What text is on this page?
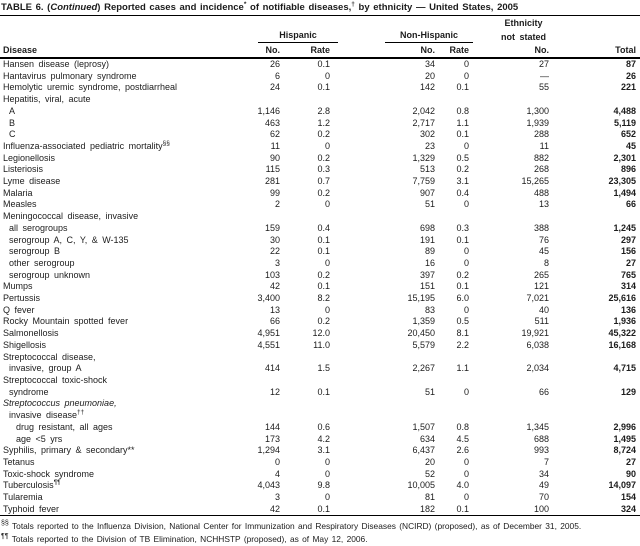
TABLE 6. (Continued) Reported cases and incidence* of notifiable diseases,† by ethnicity — United States, 2005
					Ethnicity	

	Hispanic		Non-Hispanic		not stated	
Disease	No.	Rate	No.	Rate	No.	Total
Hansen disease (leprosy)	26	0.1	34	0	27	87
Hantavirus pulmonary syndrome	6	0	20	0	—	26
Hemolytic uremic syndrome, postdiarrheal	24	0.1	142	0.1	55	221
Hepatitis, viral, acute						
A	1,146	2.8	2,042	0.8	1,300	4,488
B	463	1.2	2,717	1.1	1,939	5,119
C	62	0.2	302	0.1	288	652
Influenza-associated pediatric mortality§§	11	0	23	0	11	45
Legionellosis	90	0.2	1,329	0.5	882	2,301
Listeriosis	115	0.3	513	0.2	268	896
Lyme disease	281	0.7	7,759	3.1	15,265	23,305
Malaria	99	0.2	907	0.4	488	1,494
Measles	2	0	51	0	13	66
Meningococcal disease, invasive						
all serogroups	159	0.4	698	0.3	388	1,245
serogroup A, C, Y, & W-135	30	0.1	191	0.1	76	297
serogroup B	22	0.1	89	0	45	156
other serogroup	3	0	16	0	8	27
serogroup unknown	103	0.2	397	0.2	265	765
Mumps	42	0.1	151	0.1	121	314
Pertussis	3,400	8.2	15,195	6.0	7,021	25,616
Q fever	13	0	83	0	40	136
Rocky Mountain spotted fever	66	0.2	1,359	0.5	511	1,936
Salmonellosis	4,951	12.0	20,450	8.1	19,921	45,322
Shigellosis	4,551	11.0	5,579	2.2	6,038	16,168
Streptococcal disease,						
invasive, group A	414	1.5	2,267	1.1	2,034	4,715
Streptococcal toxic-shock						
syndrome	12	0.1	51	0	66	129
Streptococcus pneumoniae,						
invasive disease††						
drug resistant, all ages	144	0.6	1,507	0.8	1,345	2,996
age <5 yrs	173	4.2	634	4.5	688	1,495
Syphilis, primary & secondary**	1,294	3.1	6,437	2.6	993	8,724
Tetanus	0	0	20	0	7	27
Toxic-shock syndrome	4	0	52	0	34	90
Tuberculosis¶¶	4,043	9.8	10,005	4.0	49	14,097
Tularemia	3	0	81	0	70	154
Typhoid fever	42	0.1	182	0.1	100	324
§§ Totals reported to the Influenza Division, National Center for Immunization and Respiratory Diseases (NCIRD) (proposed), as of December 31, 2005.
¶¶ Totals reported to the Division of TB Elimination, NCHHSTP (proposed), as of May 12, 2006.
